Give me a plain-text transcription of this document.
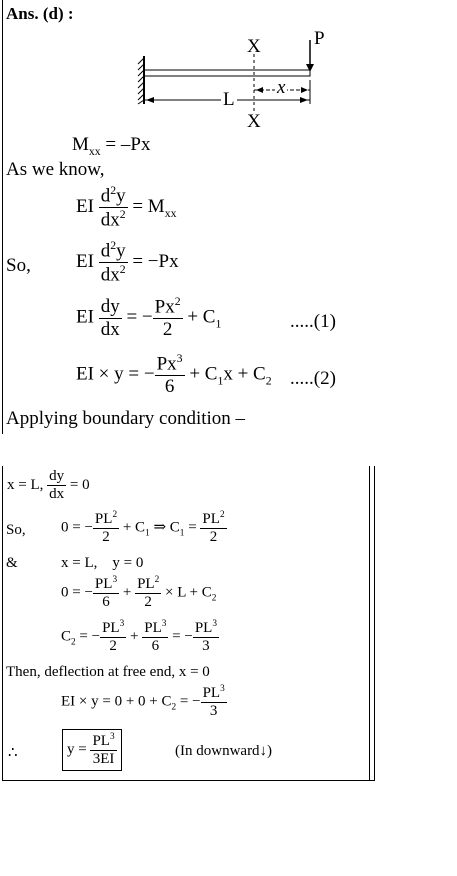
Ans. (d) :
X
X
P
L
x
$M_{xx} = -Px$
As we know,
EI $\frac{d^2y}{dx^2} = M_{xx}$
So, EI $\frac{d^2y}{dx^2} = -Px$
EI $\frac{dy}{dx}$ = − $\frac{Px^2}{2} + C_1$	.....(1)
EI × y = − $\frac{Px^3}{6} + C_1x + C_2$ .....(2)
Applying boundary condition –
x = L, $\frac{dy}{dx} = 0$
So, 0 = − $\frac{PL^2}{2} + C_1$ ⇒ $C_1 = \frac{PL^2}{2}$
&	x = L,    y = 0
0 = − $\frac{PL^3}{6} + \frac{PL^2}{2} \times L + C_2$
$C_2$ = − $\frac{PL^3}{2} + \frac{PL^3}{6}$ = − $\frac{PL^3}{3}$
Then, deflection at free end, x = 0
EI × $y = 0 + 0 + C_2$ = − $\frac{PL^3}{3}$
∴	$y = \frac{PL^3}{3EI}$	(In downward↓)
